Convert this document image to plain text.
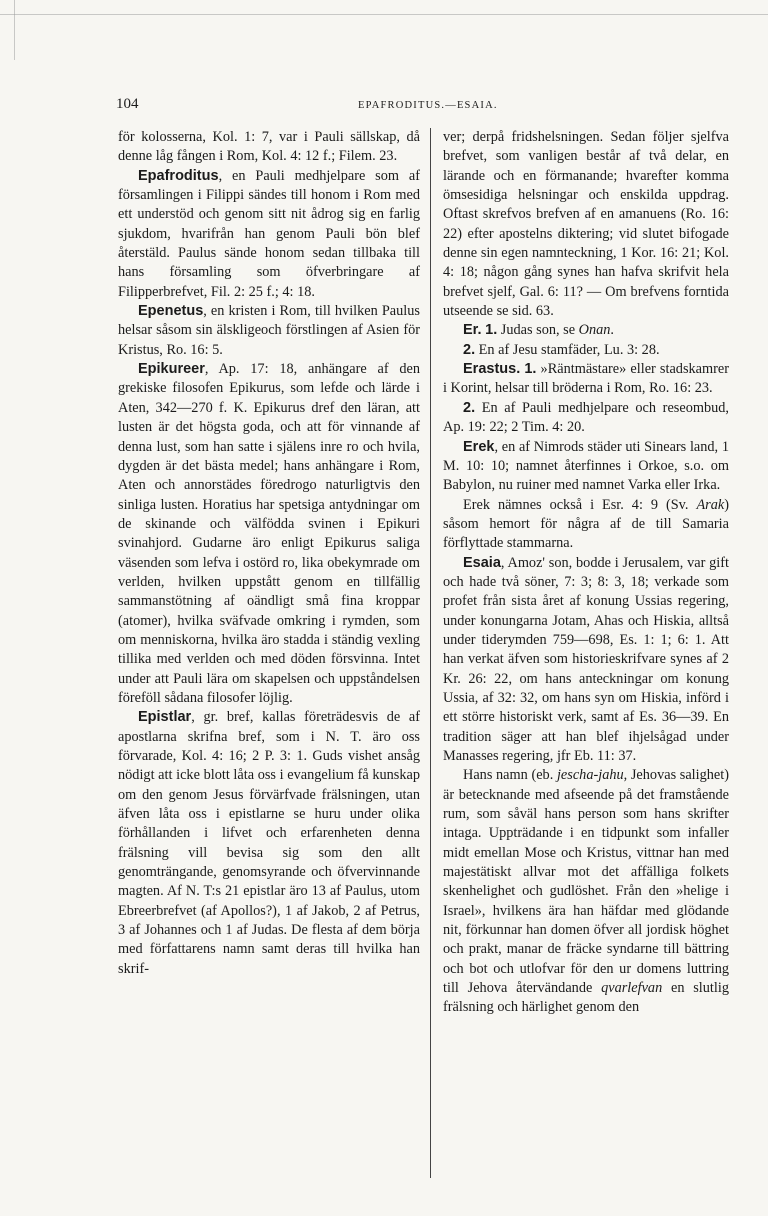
104	EPAFRODITUS.—ESAIA.

för kolosserna, Kol. 1: 7, var i Pauli sällskap, då denne låg fången i Rom, Kol. 4: 12 f.; Filem. 23.

Epafroditus, en Pauli medhjelpare som af församlingen i Filippi sändes till honom i Rom med ett understöd och genom sitt nit ådrog sig en farlig sjukdom, hvarifrån han genom Pauli bön blef återstäld. Paulus sände honom sedan tillbaka till hans församling som öfverbringare af Filipperbrefvet, Fil. 2: 25 f.; 4: 18.

Epenetus, en kristen i Rom, till hvilken Paulus helsar såsom sin älskligeoch förstlingen af Asien för Kristus, Ro. 16: 5.

Epikureer, Ap. 17: 18, anhängare af den grekiske filosofen Epikurus, som lefde och lärde i Aten, 342—270 f. K. Epikurus dref den läran, att lusten är det högsta goda, och att för vinnande af denna lust, som han satte i själens inre ro och hvila, dygden är det bästa medel; hans anhängare i Rom, Aten och annorstädes föredrogo naturligtvis den sinliga lusten. Horatius har spetsiga antydningar om de skinande och välfödda svinen i Epikuri svinahjord. Gudarne äro enligt Epikurus saliga väsenden som lefva i ostörd ro, lika obekymrade om verlden, hvilken uppstått genom en tillfällig sammanstötning af oändligt små fina kroppar (atomer), hvilka sväfvade omkring i rymden, som om menniskorna, hvilka äro stadda i ständig vexling tillika med verlden och med döden försvinna. Intet under att Pauli lära om skapelsen och uppståndelsen föreföll sådana filosofer löjlig.

Epistlar, gr. bref, kallas företrädesvis de af apostlarna skrifna bref, som i N. T. äro oss förvarade, Kol. 4: 16; 2 P. 3: 1. Guds vishet ansåg nödigt att icke blott låta oss i evangelium få kunskap om den genom Jesus förvärfvade frälsningen, utan äfven låta oss i epistlarne se huru under olika förhållanden i lifvet och erfarenheten denna frälsning vill bevisa sig som den allt genomträngande, genomsyrande och öfvervinnande magten. Af N. T:s 21 epistlar äro 13 af Paulus, utom Ebreerbrefvet (af Apollos?), 1 af Jakob, 2 af Petrus, 3 af Johannes och 1 af Judas. De flesta af dem börja med författarens namn samt deras till hvilka han skrif-

ver; derpå fridshelsningen. Sedan följer sjelfva brefvet, som vanligen består af två delar, en lärande och en förmanande; hvarefter komma ömsesidiga helsningar och enskilda uppdrag. Oftast skrefvos brefven af en amanuens (Ro. 16: 22) efter apostelns diktering; vid slutet bifogade denne sin egen namnteckning, 1 Kor. 16: 21; Kol. 4: 18; någon gång synes han hafva skrifvit hela brefvet sjelf, Gal. 6: 11? — Om brefvens forntida utseende se sid. 63.

Er. 1. Judas son, se Onan.

2. En af Jesu stamfäder, Lu. 3: 28.

Erastus. 1. »Räntmästare» eller stadskamrer i Korint, helsar till bröderna i Rom, Ro. 16: 23.

2. En af Pauli medhjelpare och reseombud, Ap. 19: 22; 2 Tim. 4: 20.

Erek, en af Nimrods städer uti Sinears land, 1 M. 10: 10; namnet återfinnes i Orkoe, s.o. om Babylon, nu ruiner med namnet Varka eller Irka.

Erek nämnes också i Esr. 4: 9 (Sv. Arak) såsom hemort för några af de till Samaria förflyttade stammarna.

Esaia, Amoz' son, bodde i Jerusalem, var gift och hade två söner, 7: 3; 8: 3, 18; verkade som profet från sista året af konung Ussias regering, under konungarna Jotam, Ahas och Hiskia, alltså under tiderymden 759—698, Es. 1: 1; 6: 1. Att han verkat äfven som historieskrifvare synes af 2 Kr. 26: 22, om hans anteckningar om konung Ussia, af 32: 32, om hans syn om Hiskia, införd i ett större historiskt verk, samt af Es. 36—39. En tradition säger att han blef ihjelsågad under Manasses regering, jfr Eb. 11: 37.

Hans namn (eb. jescha-jahu, Jehovas salighet) är betecknande med afseende på det framstående rum, som såväl hans person som hans skrifter intaga. Uppträdande i en tidpunkt som infaller midt emellan Mose och Kristus, vittnar han med majestätiskt allvar mot det affälliga folkets skenhelighet och gudlöshet. Från den »helige i Israel», hvilkens ära han häfdar med glödande nit, förkunnar han domen öfver all jordisk höghet och prakt, manar de fräcke syndarne till bättring och bot och utlofvar för den ur domens luttring till Jehova återvändande qvarlefvan en slutlig frälsning och härlighet genom den
